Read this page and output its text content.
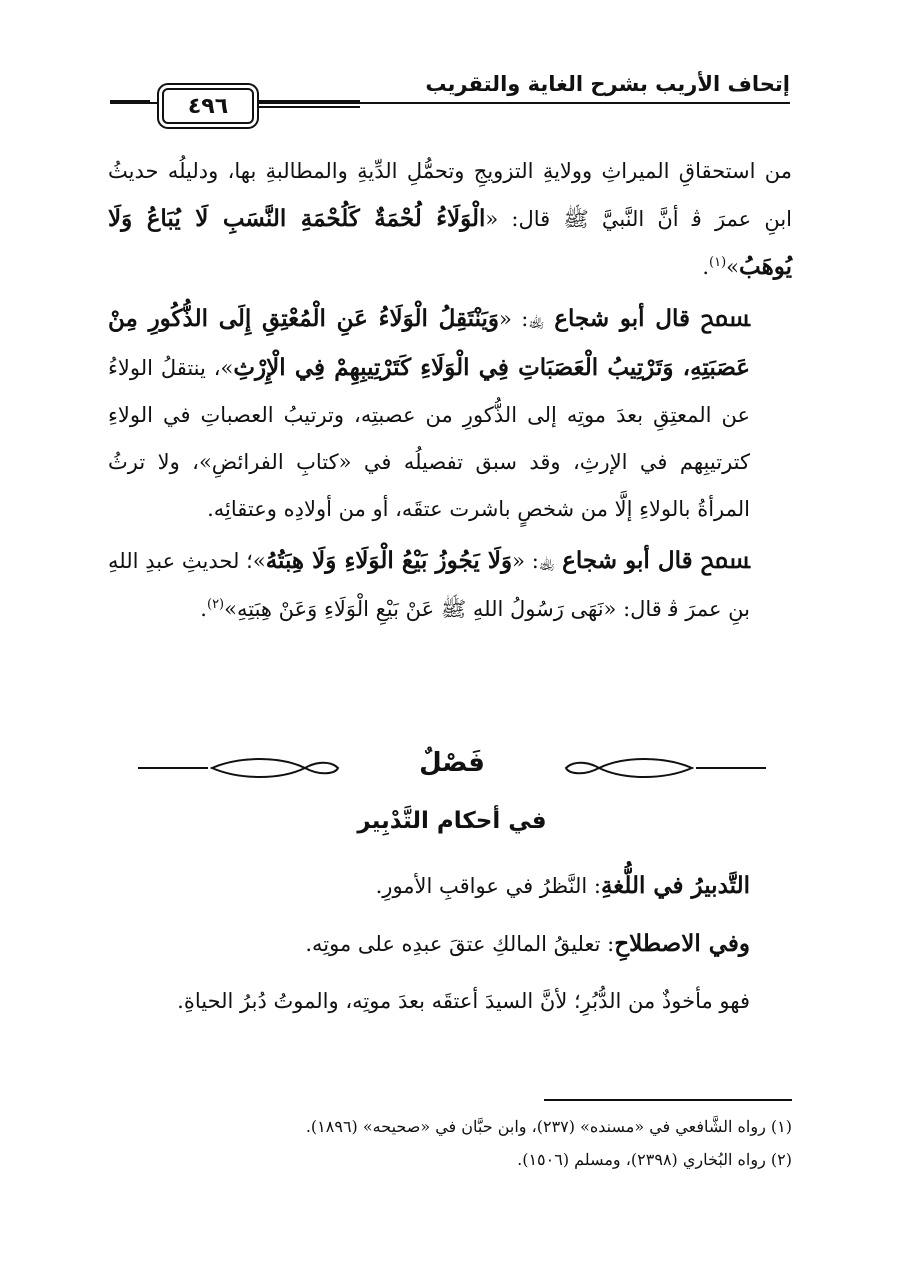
إتحاف الأريب بشرح الغاية والتقريب
٤٩٦

من استحقاقِ الميراثِ وولايةِ التزويجِ وتحمُّلِ الدِّيةِ والمطالبةِ بها، ودليلُه حديثُ ابنِ عمرَ ﭬ أنَّ النَّبيَّ ﷺ قال: «الْوَلَاءُ لُحْمَةٌ كَلُحْمَةِ النَّسَبِ لَا يُبَاعُ وَلَا يُوهَبُ»$^{(١)}$.

ﵟ قال أبو شجاع ﵀: «وَيَنْتَقِلُ الْوَلَاءُ عَنِ الْمُعْتِقِ إِلَى الذُّكُورِ مِنْ عَصَبَتِهِ، وَتَرْتِيبُ الْعَصَبَاتِ فِي الْوَلَاءِ كَتَرْتِيبِهِمْ فِي الْإِرْثِ»، ينتقلُ الولاءُ عن المعتِقِ بعدَ موتِه إلى الذُّكورِ من عصبتِه، وترتيبُ العصباتِ في الولاءِ كترتيبِهم في الإرثِ، وقد سبق تفصيلُه في «كتابِ الفرائضِ»، ولا ترثُ المرأةُ بالولاءِ إلَّا من شخصٍ باشرت عتقَه، أو من أولادِه وعتقائِه.

ﵟ قال أبو شجاع ﵀: «وَلَا يَجُوزُ بَيْعُ الْوَلَاءِ وَلَا هِبَتُهُ»؛ لحديثِ عبدِ اللهِ بنِ عمرَ ﭬ قال: «نَهَى رَسُولُ اللهِ ﷺ عَنْ بَيْعِ الْوَلَاءِ وَعَنْ هِبَتِهِ»$^{(٢)}$.

فَصْلٌ
في أحكام التَّدْبِير

التَّدبيرُ في اللُّغةِ: النَّظرُ في عواقبِ الأمورِ.

وفي الاصطلاحِ: تعليقُ المالكِ عتقَ عبدِه على موتِه.

فهو مأخوذٌ من الدُّبُرِ؛ لأنَّ السيدَ أعتقَه بعدَ موتِه، والموتُ دُبرُ الحياةِ.

(١) رواه الشَّافعي في «مسنده» (٢٣٧)، وابن حبَّان في «صحيحه» (١٨٩٦).
(٢) رواه البُخاري (٢٣٩٨)، ومسلم (١٥٠٦).
